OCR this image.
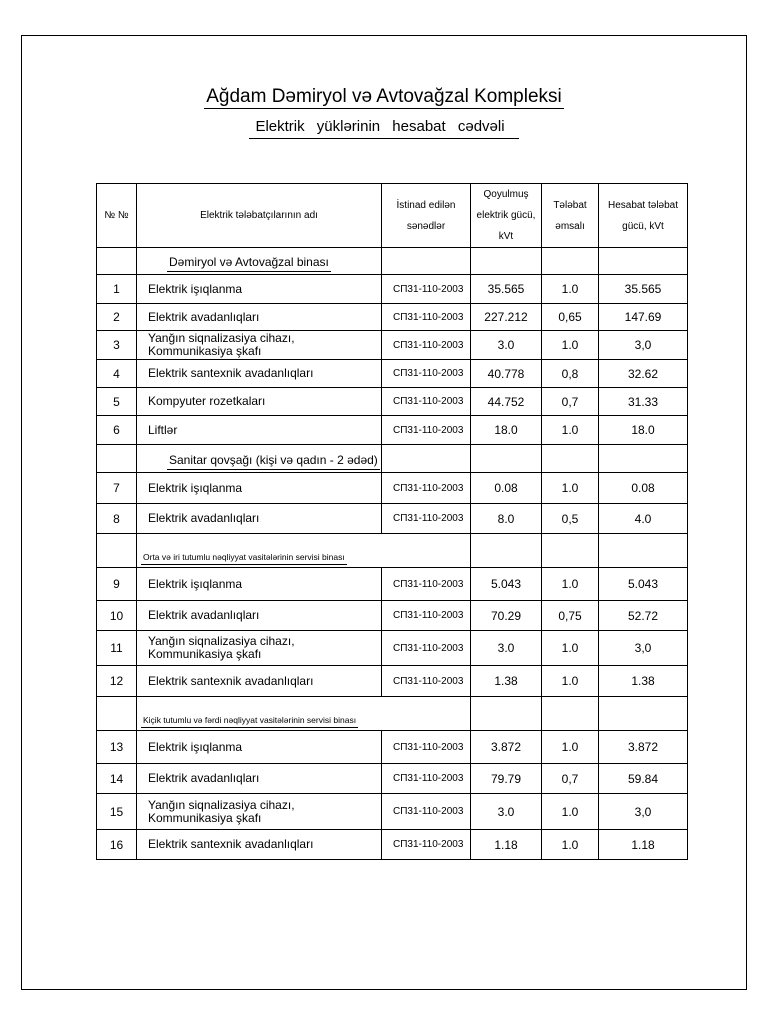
Ağdam Dəmiryol və Avtovağzal Kompleksi
Elektrik yüklərinin hesabat cədvəli
№ №	Elektrik tələbatçılarının adı	İstinad edilən sənədlər	Qoyulmuş elektrik gücü, kVt	Tələbat əmsalı	Hesabat tələbat gücü, kVt
	Dəmiryol və Avtovağzal binası				
1	Elektrik işıqlanma	СП31-110-2003	35.565	1.0	35.565
2	Elektrik avadanlıqları	СП31-110-2003	227.212	0,65	147.69
3	Yanğın siqnalizasiya cihazı, Kommunikasiya şkafı	СП31-110-2003	3.0	1.0	3,0
4	Elektrik santexnik avadanlıqları	СП31-110-2003	40.778	0,8	32.62
5	Kompyuter rozetkaları	СП31-110-2003	44.752	0,7	31.33
6	Liftlər	СП31-110-2003	18.0	1.0	18.0
	Sanitar qovşağı (kişi və qadın - 2 ədəd)				
7	Elektrik işıqlanma	СП31-110-2003	0.08	1.0	0.08
8	Elektrik avadanlıqları	СП31-110-2003	8.0	0,5	4.0
	Orta və iri tutumlu nəqliyyat vasitələrinin servisi binası				
9	Elektrik işıqlanma	СП31-110-2003	5.043	1.0	5.043
10	Elektrik avadanlıqları	СП31-110-2003	70.29	0,75	52.72
11	Yanğın siqnalizasiya cihazı, Kommunikasiya şkafı	СП31-110-2003	3.0	1.0	3,0
12	Elektrik santexnik avadanlıqları	СП31-110-2003	1.38	1.0	1.38
	Kiçik tutumlu və fərdi nəqliyyat vasitələrinin servisi binası				
13	Elektrik işıqlanma	СП31-110-2003	3.872	1.0	3.872
14	Elektrik avadanlıqları	СП31-110-2003	79.79	0,7	59.84
15	Yanğın siqnalizasiya cihazı, Kommunikasiya şkafı	СП31-110-2003	3.0	1.0	3,0
16	Elektrik santexnik avadanlıqları	СП31-110-2003	1.18	1.0	1.18
